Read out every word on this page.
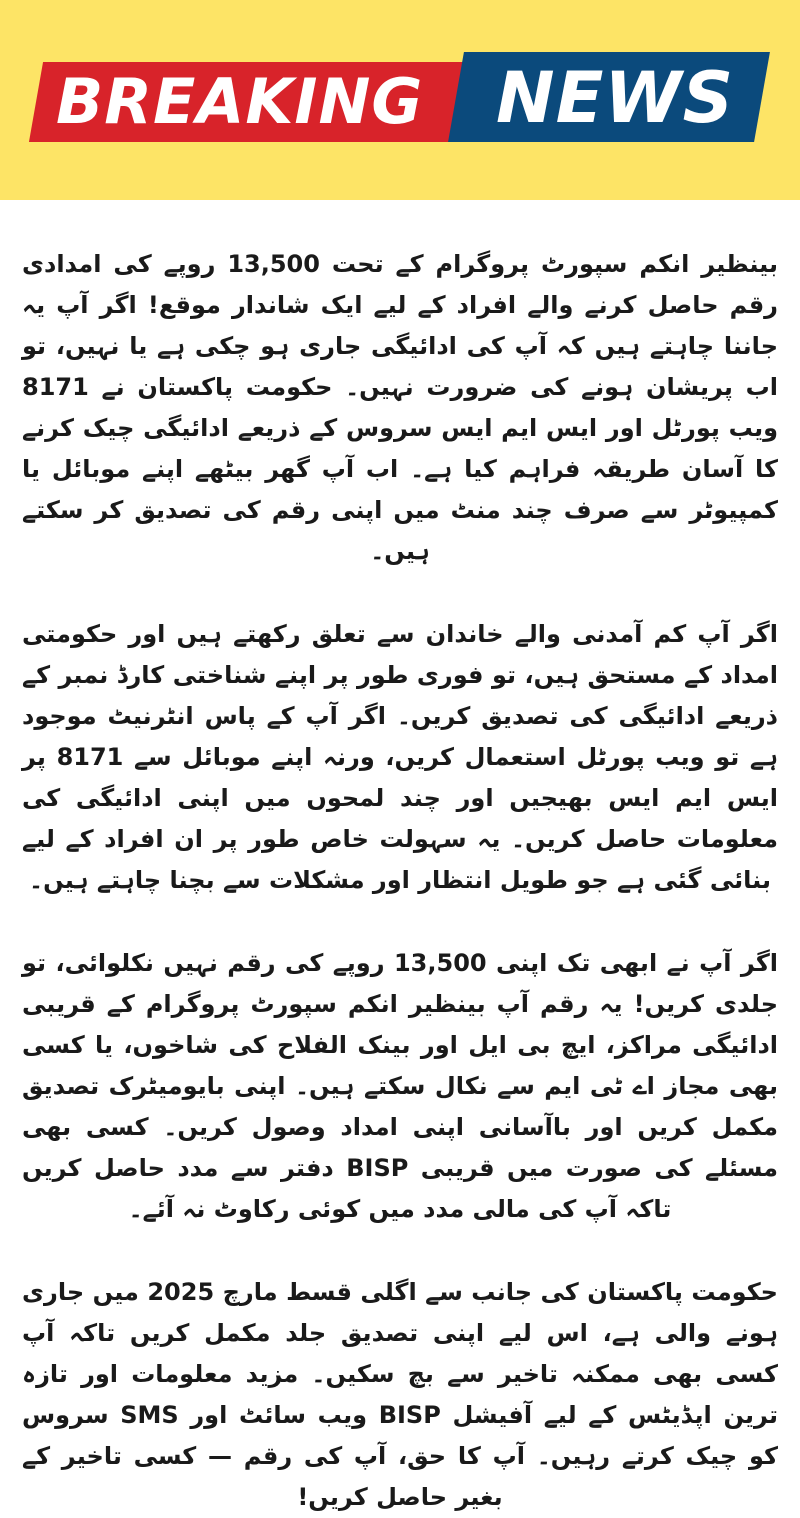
BREAKING NEWS

بینظیر انکم سپورٹ پروگرام کے تحت 13,500 روپے کی امدادی رقم حاصل کرنے والے افراد کے لیے ایک شاندار موقع! اگر آپ یہ جاننا چاہتے ہیں کہ آپ کی ادائیگی جاری ہو چکی ہے یا نہیں، تو اب پریشان ہونے کی ضرورت نہیں۔ حکومت پاکستان نے 8171 ویب پورٹل اور ایس ایم ایس سروس کے ذریعے ادائیگی چیک کرنے کا آسان طریقہ فراہم کیا ہے۔ اب آپ گھر بیٹھے اپنے موبائل یا کمپیوٹر سے صرف چند منٹ میں اپنی رقم کی تصدیق کر سکتے ہیں۔

اگر آپ کم آمدنی والے خاندان سے تعلق رکھتے ہیں اور حکومتی امداد کے مستحق ہیں، تو فوری طور پر اپنے شناختی کارڈ نمبر کے ذریعے ادائیگی کی تصدیق کریں۔ اگر آپ کے پاس انٹرنیٹ موجود ہے تو ویب پورٹل استعمال کریں، ورنہ اپنے موبائل سے 8171 پر ایس ایم ایس بھیجیں اور چند لمحوں میں اپنی ادائیگی کی معلومات حاصل کریں۔ یہ سہولت خاص طور پر ان افراد کے لیے بنائی گئی ہے جو طویل انتظار اور مشکلات سے بچنا چاہتے ہیں۔

اگر آپ نے ابھی تک اپنی 13,500 روپے کی رقم نہیں نکلوائی، تو جلدی کریں! یہ رقم آپ بینظیر انکم سپورٹ پروگرام کے قریبی ادائیگی مراکز، ایچ بی ایل اور بینک الفلاح کی شاخوں، یا کسی بھی مجاز اے ٹی ایم سے نکال سکتے ہیں۔ اپنی بایومیٹرک تصدیق مکمل کریں اور باآسانی اپنی امداد وصول کریں۔ کسی بھی مسئلے کی صورت میں قریبی BISP دفتر سے مدد حاصل کریں تاکہ آپ کی مالی مدد میں کوئی رکاوٹ نہ آئے۔

حکومت پاکستان کی جانب سے اگلی قسط مارچ 2025 میں جاری ہونے والی ہے، اس لیے اپنی تصدیق جلد مکمل کریں تاکہ آپ کسی بھی ممکنہ تاخیر سے بچ سکیں۔ مزید معلومات اور تازہ ترین اپڈیٹس کے لیے آفیشل BISP ویب سائٹ اور SMS سروس کو چیک کرتے رہیں۔ آپ کا حق، آپ کی رقم — کسی تاخیر کے بغیر حاصل کریں!
